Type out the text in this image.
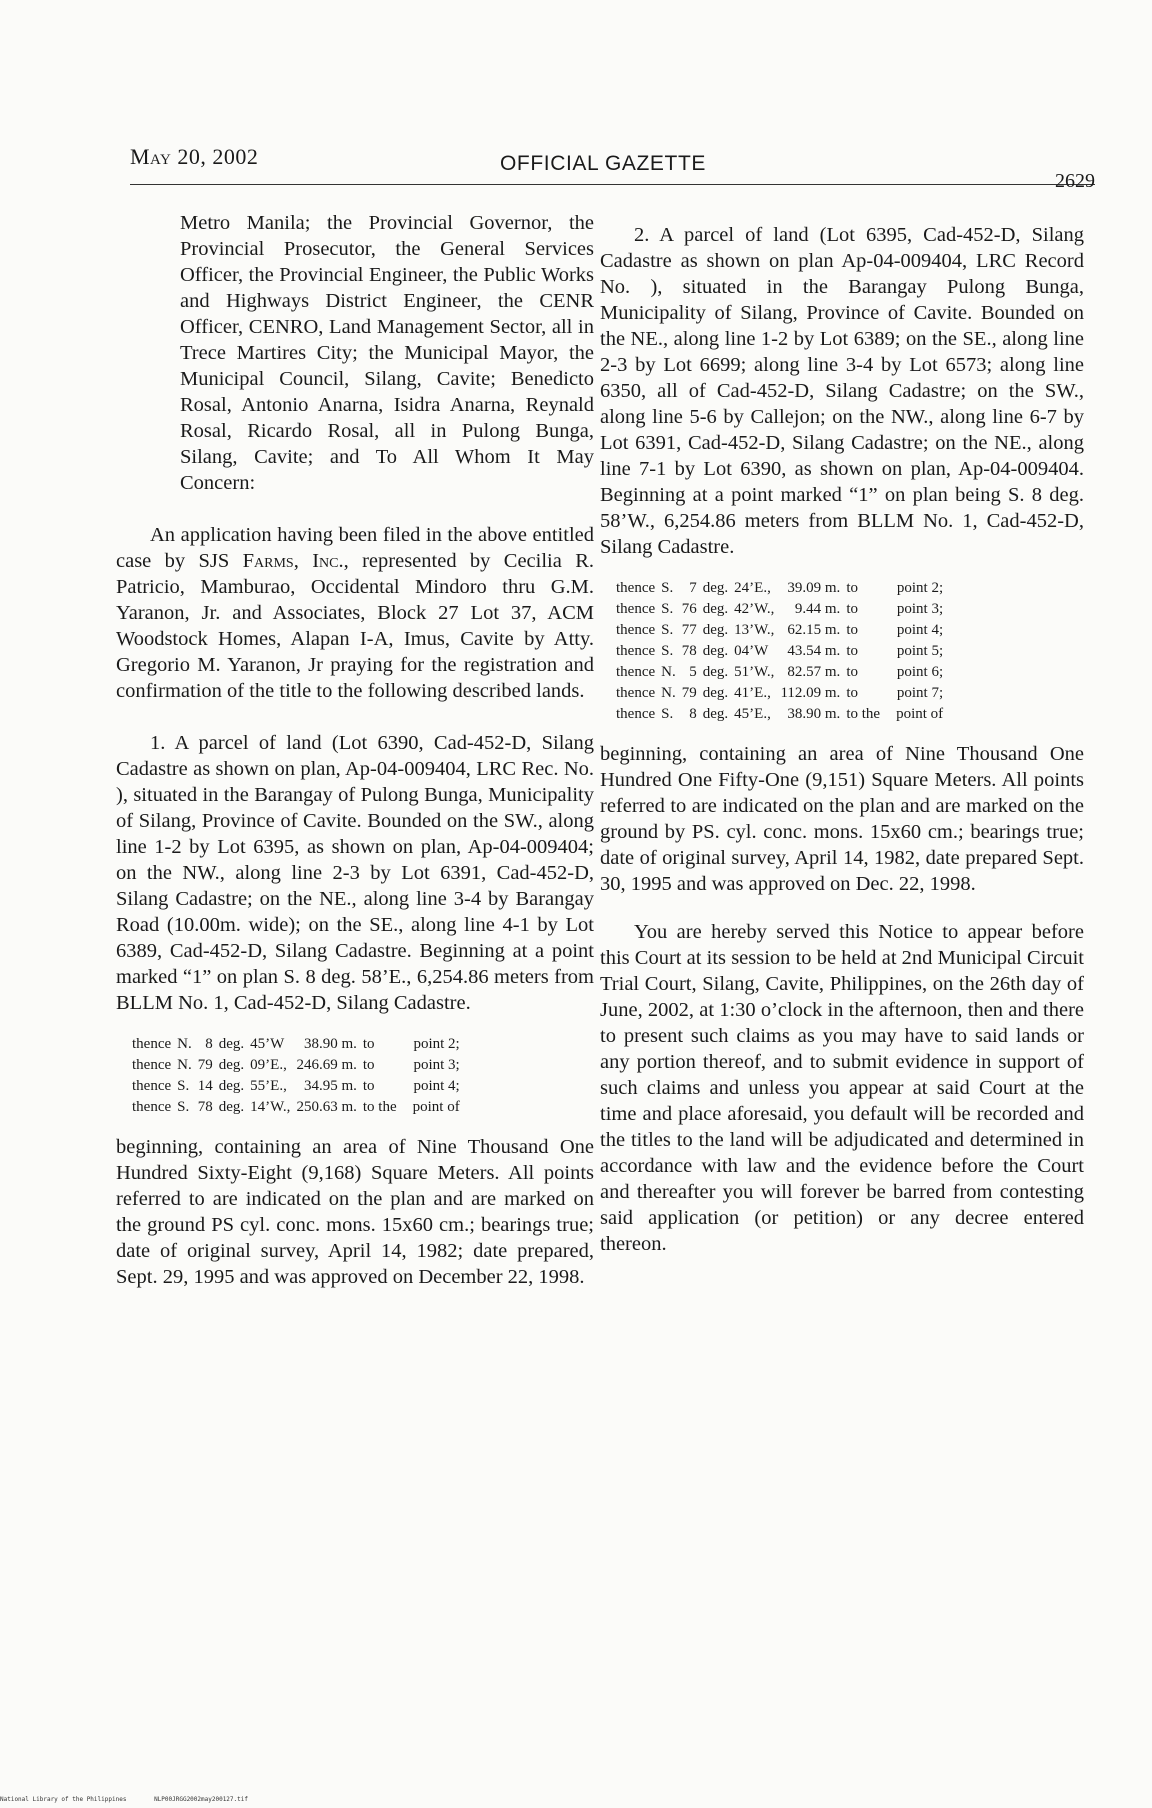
May 20, 2002	OFFICIAL GAZETTE
2629

Metro Manila; the Provincial Governor, the Provincial Prosecutor, the General Services Officer, the Provincial Engineer, the Public Works and Highways District Engineer, the CENR Officer, CENRO, Land Management Sector, all in Trece Martires City; the Municipal Mayor, the Municipal Council, Silang, Cavite; Benedicto Rosal, Antonio Anarna, Isidra Anarna, Reynald Rosal, Ricardo Rosal, all in Pulong Bunga, Silang, Cavite; and To All Whom It May Concern:

An application having been filed in the above entitled case by SJS Farms, Inc., represented by Cecilia R. Patricio, Mamburao, Occidental Mindoro thru G.M. Yaranon, Jr. and Associates, Block 27 Lot 37, ACM Woodstock Homes, Alapan I-A, Imus, Cavite by Atty. Gregorio M. Yaranon, Jr praying for the registration and confirmation of the title to the following described lands.

1. A parcel of land (Lot 6390, Cad-452-D, Silang Cadastre as shown on plan, Ap-04-009404, LRC Rec. No. ), situated in the Barangay of Pulong Bunga, Municipality of Silang, Province of Cavite. Bounded on the SW., along line 1-2 by Lot 6395, as shown on plan, Ap-04-009404; on the NW., along line 2-3 by Lot 6391, Cad-452-D, Silang Cadastre; on the NE., along line 3-4 by Barangay Road (10.00m. wide); on the SE., along line 4-1 by Lot 6389, Cad-452-D, Silang Cadastre. Beginning at a point marked “1” on plan S. 8 deg. 58’E., 6,254.86 meters from BLLM No. 1, Cad-452-D, Silang Cadastre.

thence	N.	8	deg.	45’W	38.90 m.	to	point 2;
thence	N.	79	deg.	09’E.,	246.69 m.	to	point 3;
thence	S.	14	deg.	55’E.,	34.95 m.	to	point 4;
thence	S.	78	deg.	14’W.,	250.63 m.	to the	point of

beginning, containing an area of Nine Thousand One Hundred Sixty-Eight (9,168) Square Meters. All points referred to are indicated on the plan and are marked on the ground PS cyl. conc. mons. 15x60 cm.; bearings true; date of original survey, April 14, 1982; date prepared, Sept. 29, 1995 and was approved on December 22, 1998.

2. A parcel of land (Lot 6395, Cad-452-D, Silang Cadastre as shown on plan Ap-04-009404, LRC Record No. ), situated in the Barangay Pulong Bunga, Municipality of Silang, Province of Cavite. Bounded on the NE., along line 1-2 by Lot 6389; on the SE., along line 2-3 by Lot 6699; along line 3-4 by Lot 6573; along line 6350, all of Cad-452-D, Silang Cadastre; on the SW., along line 5-6 by Callejon; on the NW., along line 6-7 by Lot 6391, Cad-452-D, Silang Cadastre; on the NE., along line 7-1 by Lot 6390, as shown on plan, Ap-04-009404. Beginning at a point marked “1” on plan being S. 8 deg. 58’W., 6,254.86 meters from BLLM No. 1, Cad-452-D, Silang Cadastre.

thence	S.	7	deg.	24’E.,	39.09 m.	to	point 2;
thence	S.	76	deg.	42’W.,	9.44 m.	to	point 3;
thence	S.	77	deg.	13’W.,	62.15 m.	to	point 4;
thence	S.	78	deg.	04’W	43.54 m.	to	point 5;
thence	N.	5	deg.	51’W.,	82.57 m.	to	point 6;
thence	N.	79	deg.	41’E.,	112.09 m.	to	point 7;
thence	S.	8	deg.	45’E.,	38.90 m.	to the	point of

beginning, containing an area of Nine Thousand One Hundred One Fifty-One (9,151) Square Meters. All points referred to are indicated on the plan and are marked on the ground by PS. cyl. conc. mons. 15x60 cm.; bearings true; date of original survey, April 14, 1982, date prepared Sept. 30, 1995 and was approved on Dec. 22, 1998.

You are hereby served this Notice to appear before this Court at its session to be held at 2nd Municipal Circuit Trial Court, Silang, Cavite, Philippines, on the 26th day of June, 2002, at 1:30 o’clock in the afternoon, then and there to present such claims as you may have to said lands or any portion thereof, and to submit evidence in support of such claims and unless you appear at said Court at the time and place aforesaid, you default will be recorded and the titles to the land will be adjudicated and determined in accordance with law and the evidence before the Court and thereafter you will forever be barred from contesting said application (or petition) or any decree entered thereon.

National Library of the Philippines	NLP00JRGG2002may200127.tif
